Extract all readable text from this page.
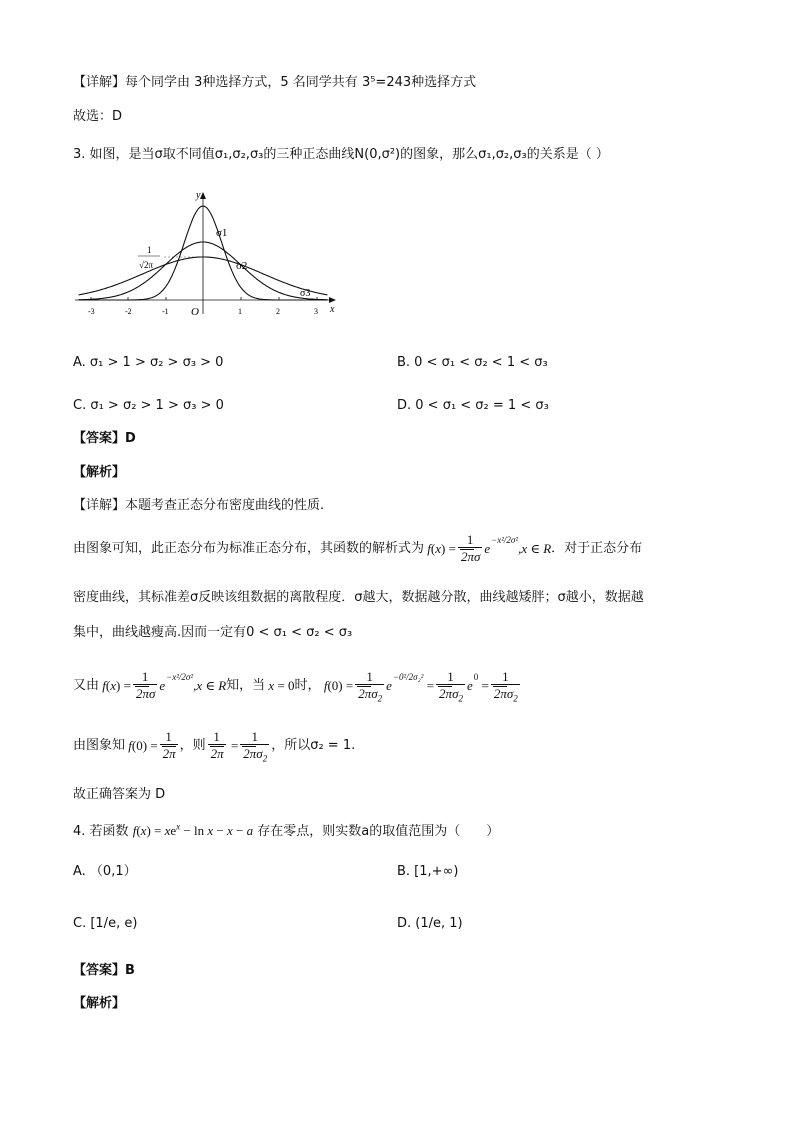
【详解】每个同学由 3种选择方式，5 名同学共有 3⁵=243种选择方式
故选：D
3. 如图，是当σ取不同值σ₁,σ₂,σ₃的三种正态曲线N(0,σ²)的图象，那么σ₁,σ₂,σ₃的关系是（ ）
y
x
O
-3	-2	-1	1	2	3
1
√2π
σ1
σ2
σ3
A. σ₁ > 1 > σ₂ > σ₃ > 0	B. 0 < σ₁ < σ₂ < 1 < σ₃
C. σ₁ > σ₂ > 1 > σ₃ > 0	D. 0 < σ₁ < σ₂ = 1 < σ₃
【答案】D
【解析】
【详解】本题考查正态分布密度曲线的性质.
由图象可知，此正态分布为标准正态分布，其函数的解析式为 f ( x ) = $\frac{1}{2\pi\sigma}$ e
−x²/2σ²
,x ∈ R ． 对于正态分布
密度曲线，其标准差σ反映该组数据的离散程度．σ越大，数据越分散，曲线越矮胖；σ越小，数据越
集中，曲线越瘦高.因而一定有0 < σ₁ < σ₂ < σ₃
又由 f ( x ) = $\frac{1}{2\pi\sigma}$ e
−x²/2σ²
,x ∈ R 知，当 x = 0 时， f $(0) = \frac{1}{2\pi\sigma_2}$ e
−0²/2σ₂²
= $\frac{1}{2\pi\sigma_2}$ e
0
= $\frac{1}{2\pi\sigma_2}$
由图象知 f $(0) = \frac{1}{2\pi}$ ，则 $\frac{1}{2\pi} = \frac{1}{2\pi\sigma_2}$ ，所以σ₂ = 1.
故正确答案为 D
4. 若函数 $f(x) = xe^x - \ln x - x - a$ 存在零点，则实数a的取值范围为（　　）
A. （0,1）	B. [1,+∞)
C. [1/e, e)	D. (1/e, 1)
【答案】B
【解析】
